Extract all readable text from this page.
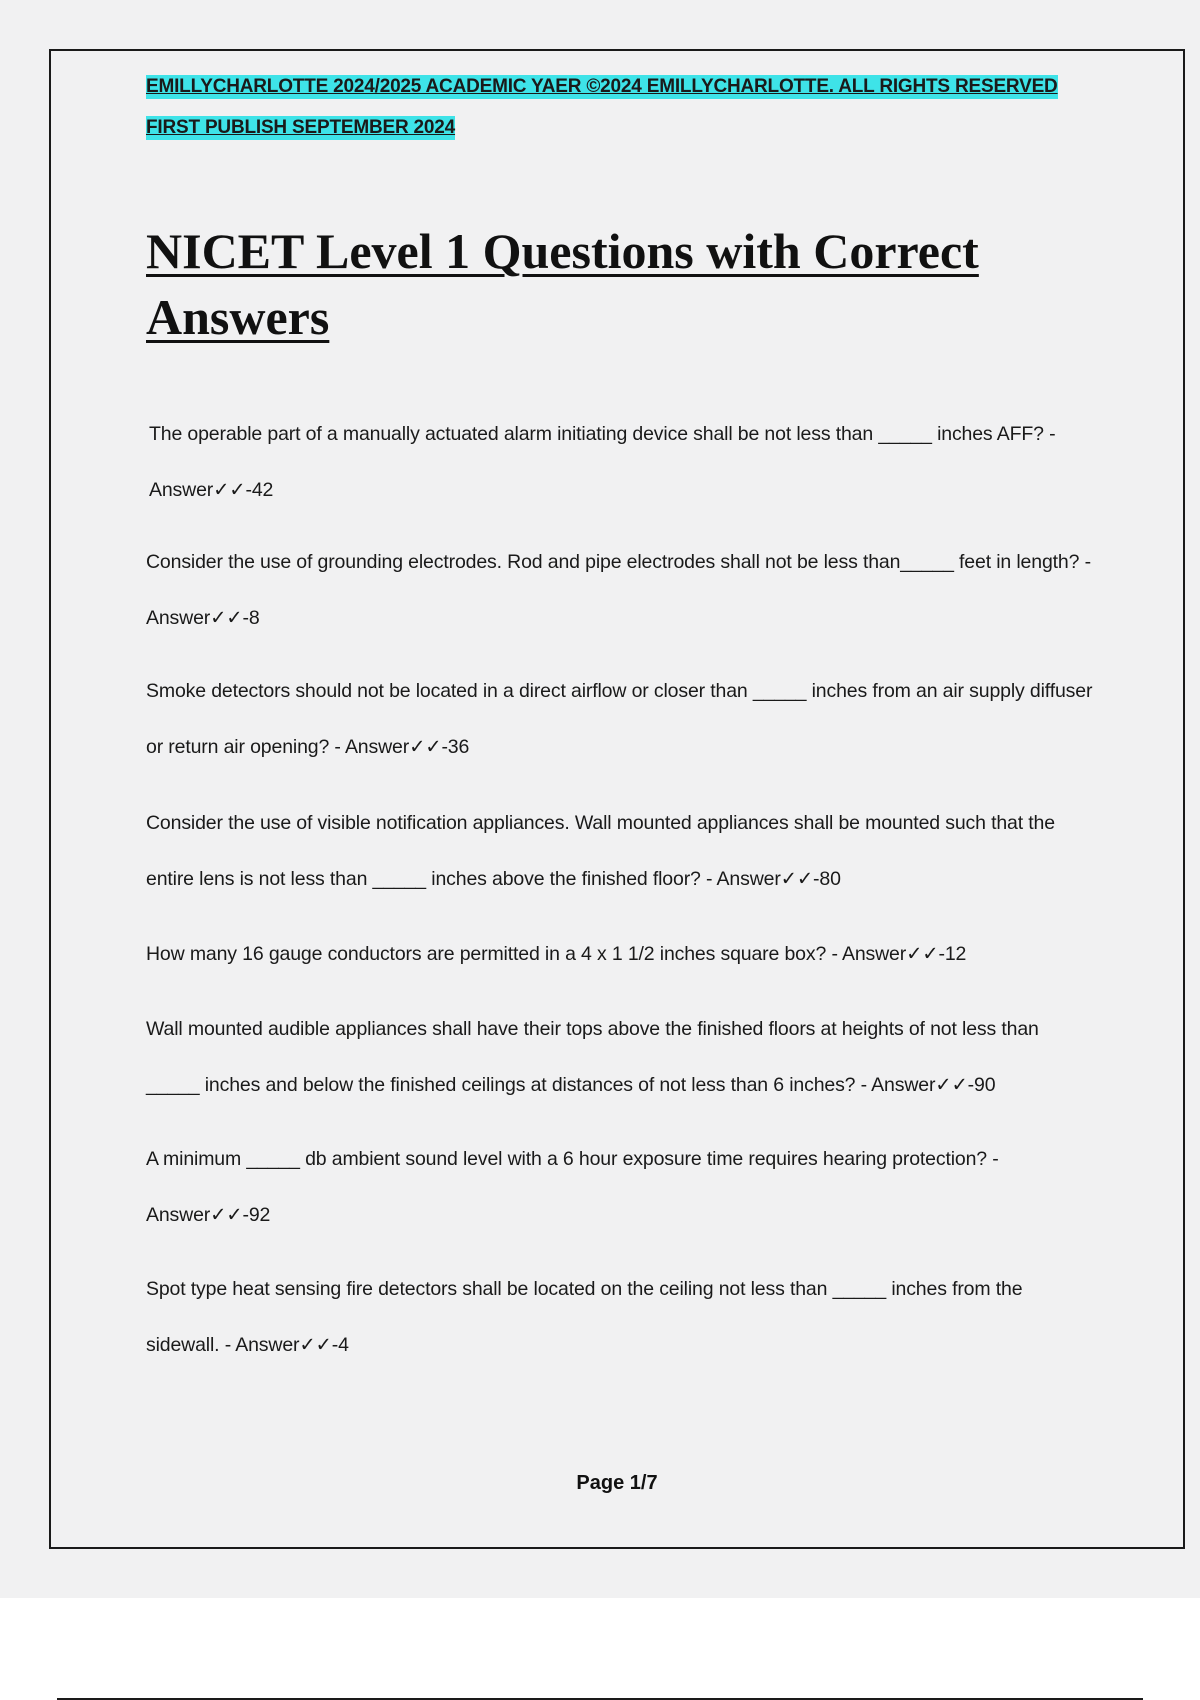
EMILLYCHARLOTTE 2024/2025 ACADEMIC YAER ©2024 EMILLYCHARLOTTE. ALL RIGHTS RESERVED
FIRST PUBLISH SEPTEMBER 2024
NICET Level 1 Questions with Correct Answers

The operable part of a manually actuated alarm initiating device shall be not less than _____ inches AFF? - Answer✓✓-42

Consider the use of grounding electrodes. Rod and pipe electrodes shall not be less than_____ feet in length? - Answer✓✓-8

Smoke detectors should not be located in a direct airflow or closer than _____ inches from an air supply diffuser or return air opening? - Answer✓✓-36

Consider the use of visible notification appliances. Wall mounted appliances shall be mounted such that the entire lens is not less than _____ inches above the finished floor? - Answer✓✓-80

How many 16 gauge conductors are permitted in a 4 x 1 1/2 inches square box? - Answer✓✓-12

Wall mounted audible appliances shall have their tops above the finished floors at heights of not less than _____ inches and below the finished ceilings at distances of not less than 6 inches? - Answer✓✓-90

A minimum _____ db ambient sound level with a 6 hour exposure time requires hearing protection? - Answer✓✓-92

Spot type heat sensing fire detectors shall be located on the ceiling not less than _____ inches from the sidewall. - Answer✓✓-4

Page 1/7
